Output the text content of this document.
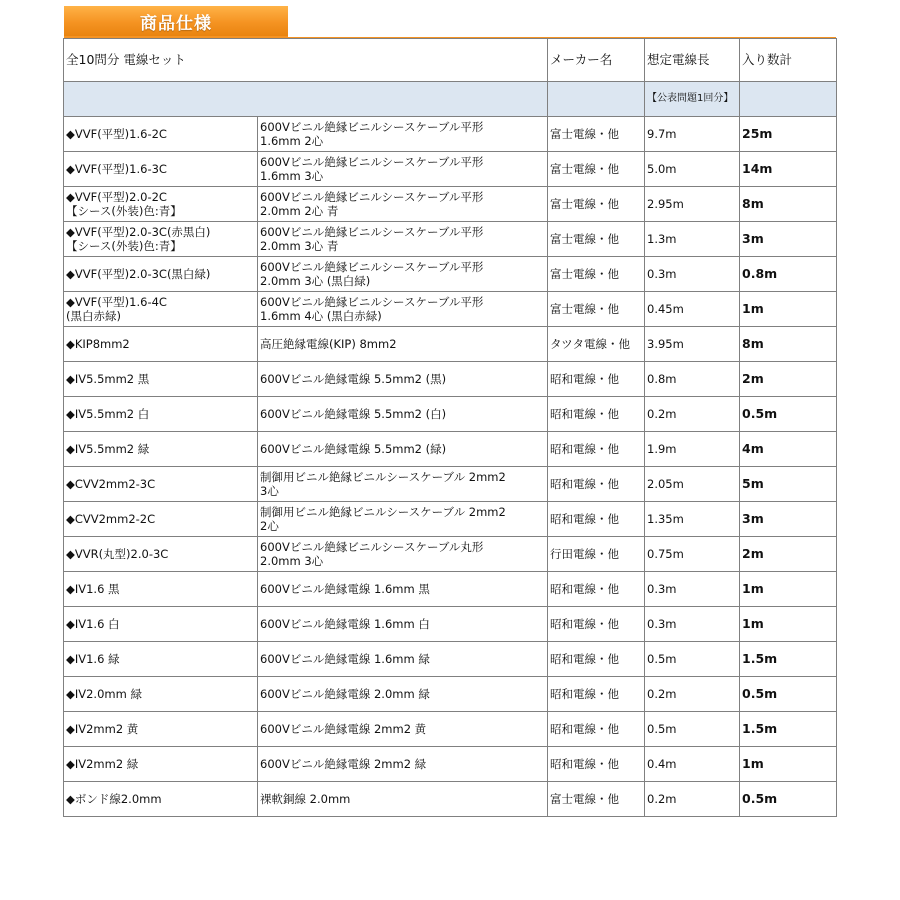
商品仕様
全10問分 電線セット		メーカー名	想定電線長	入り数計
			【公表問題1回分】	

◆VVF(平型)1.6-2C	600Vビニル絶縁ビニルシースケーブル平形
1.6mm 2心	富士電線・他	9.7m	25m

◆VVF(平型)1.6-3C	600Vビニル絶縁ビニルシースケーブル平形
1.6mm 3心	富士電線・他	5.0m	14m

◆VVF(平型)2.0-2C
【シース(外装)色:青】	600Vビニル絶縁ビニルシースケーブル平形
2.0mm 2心 青	富士電線・他	2.95m	8m

◆VVF(平型)2.0-3C(赤黒白)
【シース(外装)色:青】	600Vビニル絶縁ビニルシースケーブル平形
2.0mm 3心 青	富士電線・他	1.3m	3m

◆VVF(平型)2.0-3C(黒白緑)	600Vビニル絶縁ビニルシースケーブル平形
2.0mm 3心 (黒白緑)	富士電線・他	0.3m	0.8m

◆VVF(平型)1.6-4C
(黒白赤緑)	600Vビニル絶縁ビニルシースケーブル平形
1.6mm 4心 (黒白赤緑)	富士電線・他	0.45m	1m

◆KIP8mm2	高圧絶縁電線(KIP) 8mm2	タツタ電線・他	3.95m	8m

◆IV5.5mm2 黒	600Vビニル絶縁電線 5.5mm2 (黒)	昭和電線・他	0.8m	2m

◆IV5.5mm2 白	600Vビニル絶縁電線 5.5mm2 (白)	昭和電線・他	0.2m	0.5m

◆IV5.5mm2 緑	600Vビニル絶縁電線 5.5mm2 (緑)	昭和電線・他	1.9m	4m

◆CVV2mm2-3C	制御用ビニル絶縁ビニルシースケーブル 2mm2
3心	昭和電線・他	2.05m	5m

◆CVV2mm2-2C	制御用ビニル絶縁ビニルシースケーブル 2mm2
2心	昭和電線・他	1.35m	3m

◆VVR(丸型)2.0-3C	600Vビニル絶縁ビニルシースケーブル丸形
2.0mm 3心	行田電線・他	0.75m	2m

◆IV1.6 黒	600Vビニル絶縁電線 1.6mm 黒	昭和電線・他	0.3m	1m

◆IV1.6 白	600Vビニル絶縁電線 1.6mm 白	昭和電線・他	0.3m	1m

◆IV1.6 緑	600Vビニル絶縁電線 1.6mm 緑	昭和電線・他	0.5m	1.5m

◆IV2.0mm 緑	600Vビニル絶縁電線 2.0mm 緑	昭和電線・他	0.2m	0.5m

◆IV2mm2 黄	600Vビニル絶縁電線 2mm2 黄	昭和電線・他	0.5m	1.5m

◆IV2mm2 緑	600Vビニル絶縁電線 2mm2 緑	昭和電線・他	0.4m	1m

◆ボンド線2.0mm	裸軟銅線 2.0mm	富士電線・他	0.2m	0.5m
